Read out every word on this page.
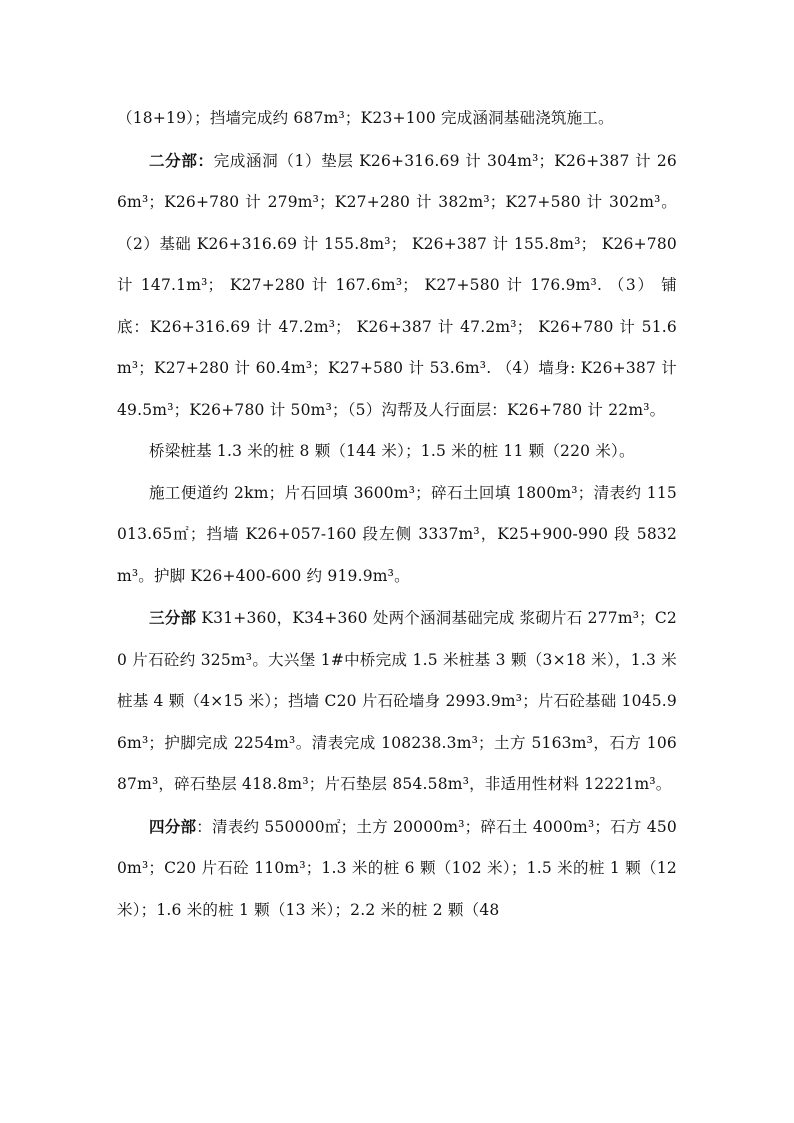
（18+19）；挡墙完成约 687m³；K23+100 完成涵洞基础浇筑施工。

二分部：完成涵洞（1）垫层 K26+316.69 计 304m³；K26+387 计 266m³；K26+780 计 279m³；K27+280 计 382m³；K27+580 计 302m³。（2）基础 K26+316.69 计 155.8m³； K26+387 计 155.8m³； K26+780 计 147.1m³； K27+280 计 167.6m³； K27+580 计 176.9m³. （3） 铺底：K26+316.69 计 47.2m³； K26+387 计 47.2m³； K26+780 计 51.6m³；K27+280 计 60.4m³；K27+580 计 53.6m³. （4）墙身: K26+387 计 49.5m³；K26+780 计 50m³；（5）沟帮及人行面层：K26+780 计 22m³。

桥梁桩基 1.3 米的桩 8 颗（144 米）；1.5 米的桩 11 颗（220 米）。

施工便道约 2km；片石回填 3600m³；碎石土回填 1800m³；清表约 115013.65㎡；挡墙 K26+057-160 段左侧 3337m³，K25+900-990 段 5832m³。护脚 K26+400-600 约 919.9m³。

三分部 K31+360，K34+360 处两个涵洞基础完成 浆砌片石 277m³；C20 片石砼约 325m³。大兴堡 1#中桥完成 1.5 米桩基 3 颗（3×18 米），1.3 米桩基 4 颗（4×15 米）；挡墙 C20 片石砼墙身 2993.9m³；片石砼基础 1045.96m³；护脚完成 2254m³。清表完成 108238.3m³；土方 5163m³，石方 10687m³，碎石垫层 418.8m³；片石垫层 854.58m³，非适用性材料 12221m³。

四分部：清表约 550000㎡；土方 20000m³；碎石土 4000m³；石方 4500m³；C20 片石砼 110m³；1.3 米的桩 6 颗（102 米）；1.5 米的桩 1 颗（12 米）；1.6 米的桩 1 颗（13 米）；2.2 米的桩 2 颗（48
